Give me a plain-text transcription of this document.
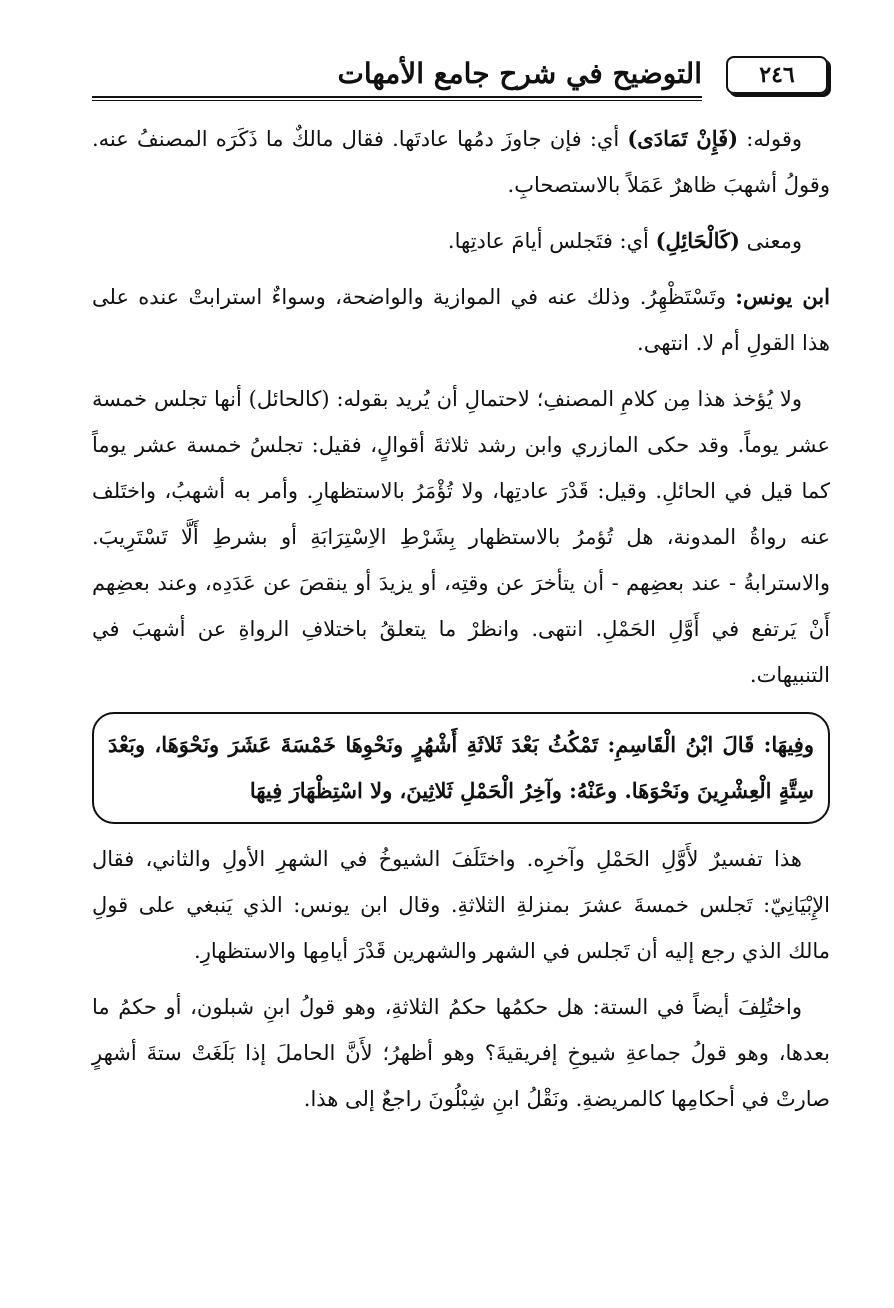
٢٤٦
التوضيح في شرح جامع الأمهات

وقوله: (فَإِنْ تَمَادَى) أي: فإن جاوزَ دمُها عادتَها. فقال مالكٌ ما ذَكَرَه المصنفُ عنه. وقولُ أشهبَ ظاهرٌ عَمَلاً بالاستصحابِ.

ومعنى (كَالْحَائِلِ) أي: فتَجلس أيامَ عادتِها.

ابن يونس: وتَسْتَظْهِرُ. وذلك عنه في الموازية والواضحة، وسواءٌ استرابتْ عنده على هذا القولِ أم لا. انتهى.

ولا يُؤخذ هذا مِن كلامِ المصنفِ؛ لاحتمالِ أن يُريد بقوله: (كالحائل) أنها تجلس خمسة عشر يوماً. وقد حكى المازري وابن رشد ثلاثةَ أقوالٍ، فقيل: تجلسُ خمسة عشر يوماً كما قيل في الحائلِ. وقيل: قَدْرَ عادتِها، ولا تُؤْمَرُ بالاستظهارِ. وأمر به أشهبُ، واختَلف عنه رواةُ المدونة، هل تُؤمرُ بالاستظهار بِشَرْطِ الاِسْتِرَابَةِ أو بشرطِ أَلَّا تَسْتَرِيبَ. والاسترابةُ - عند بعضِهم - أن يتأخرَ عن وقتِه، أو يزيدَ أو ينقصَ عن عَدَدِه، وعند بعضِهم أَنْ يَرتفع في أَوَّلِ الحَمْلِ. انتهى. وانظرْ ما يتعلقُ باختلافِ الرواةِ عن أشهبَ في التنبيهات.

وفِيهَا: قَالَ ابْنُ الْقَاسِمِ: تَمْكُثُ بَعْدَ ثَلاثَةِ أَشْهُرٍ ونَحْوِهَا خَمْسَةَ عَشَرَ ونَحْوَهَا، وبَعْدَ سِتَّةٍ الْعِشْرِينَ ونَحْوَهَا. وعَنْهُ: وآخِرُ الْحَمْلِ ثَلاثِينَ، ولا اسْتِظْهَارَ فِيهَا

هذا تفسيرٌ لأَوَّلِ الحَمْلِ وآخرِه. واختَلَفَ الشيوخُ في الشهرِ الأولِ والثاني، فقال الإِبْيَانِيّ: تَجلس خمسةَ عشرَ بمنزلةِ الثلاثةِ. وقال ابن يونس: الذي يَنبغي على قولِ مالك الذي رجع إليه أن تَجلس في الشهر والشهرين قَدْرَ أيامِها والاستظهارِ.

واختُلِفَ أيضاً في الستة: هل حكمُها حكمُ الثلاثةِ، وهو قولُ ابنِ شبلون، أو حكمُ ما بعدها، وهو قولُ جماعةِ شيوخِ إفريقيةَ؟ وهو أظهرُ؛ لأَنَّ الحاملَ إذا بَلَغَتْ ستةَ أشهرٍ صارتْ في أحكامِها كالمريضةِ. ونَقْلُ ابنِ شِبْلُونَ راجعٌ إلى هذا.
